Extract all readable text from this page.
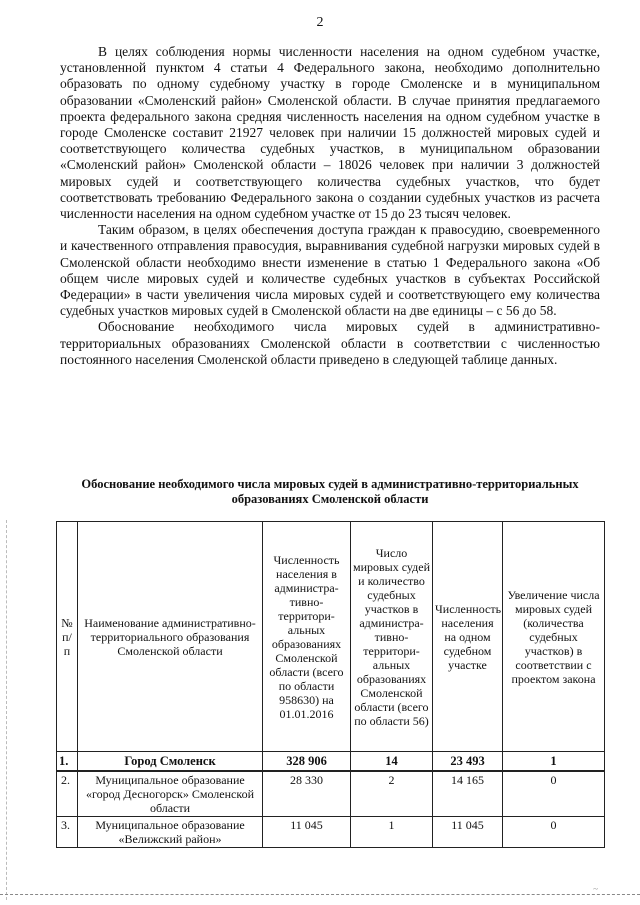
2

В целях соблюдения нормы численности населения на одном судебном участке, установленной пунктом 4 статьи 4 Федерального закона, необходимо дополнительно образовать по одному судебному участку в городе Смоленске и в муниципальном образовании «Смоленский район» Смоленской области. В случае принятия предлагаемого проекта федерального закона средняя численность населения на одном судебном участке в городе Смоленске составит 21927 человек при наличии 15 должностей мировых судей и соответствующего количества судебных участков, в муниципальном образовании «Смоленский район» Смоленской области – 18026 человек при наличии 3 должностей мировых судей и соответствующего количества судебных участков, что будет соответствовать требованию Федерального закона о создании судебных участков из расчета численности населения на одном судебном участке от 15 до 23 тысяч человек.

Таким образом, в целях обеспечения доступа граждан к правосудию, своевременного и качественного отправления правосудия, выравнивания судебной нагрузки мировых судей в Смоленской области необходимо внести изменение в статью 1 Федерального закона «Об общем числе мировых судей и количестве судебных участков в субъектах Российской Федерации» в части увеличения числа мировых судей и соответствующего ему количества судебных участков мировых судей в Смоленской области на две единицы – с 56 до 58.

Обоснование необходимого числа мировых судей в административно-территориальных образованиях Смоленской области в соответствии с численностью постоянного населения Смоленской области приведено в следующей таблице данных.

Обоснование необходимого числа мировых судей в административно-территориальных образованиях Смоленской области
№ п/п	Наименование административно-территориального образования Смоленской области	Численность населения в администра-тивно-территори-альных образованиях Смоленской области (всего по области 958630) на 01.01.2016	Число мировых судей и количество судебных участков в администра-тивно-территори-альных образованиях Смоленской области (всего по области 56)	Численность населения на одном судебном участке	Увеличение числа мировых судей (количества судебных участков) в соответствии с проектом закона
1.	Город Смоленск	328 906	14	23 493	1
2.	Муниципальное образование «город Десногорск» Смоленской области	28 330	2	14 165	0
3.	Муниципальное образование «Велижский район»	11 045	1	11 045	0
~
